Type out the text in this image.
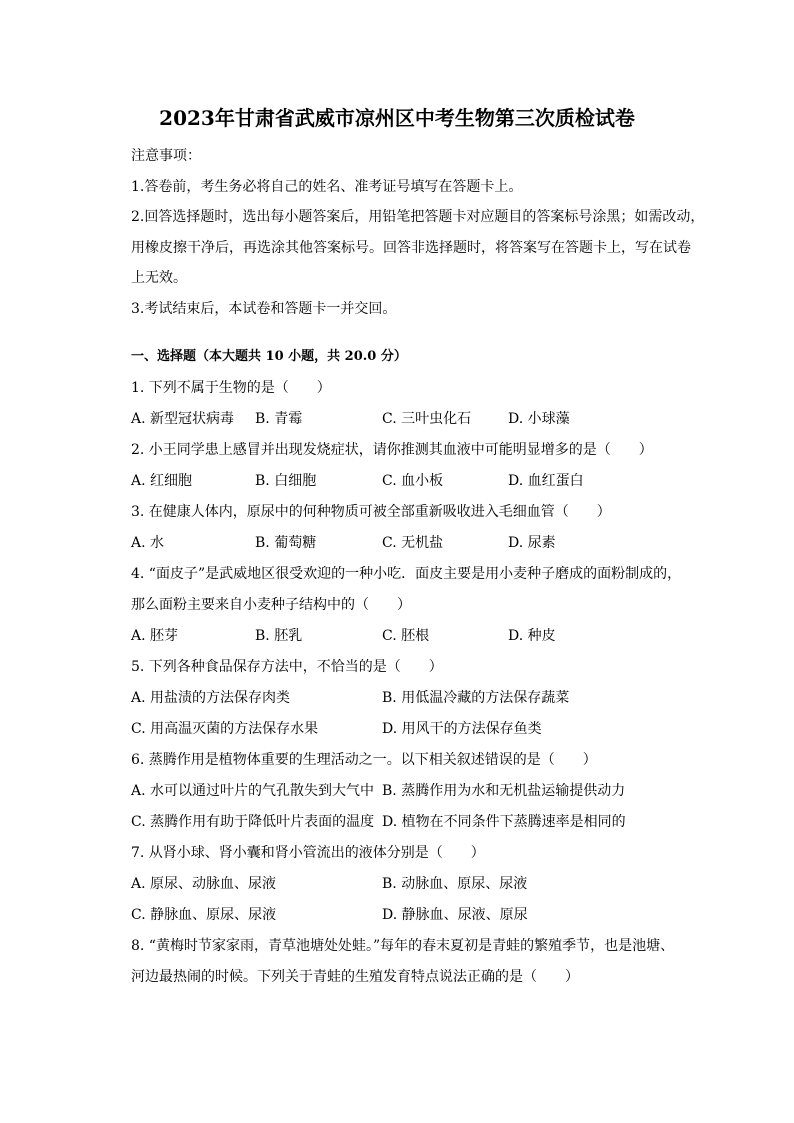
2023年甘肃省武威市凉州区中考生物第三次质检试卷
注意事项：
1.答卷前，考生务必将自己的姓名、准考证号填写在答题卡上。
2.回答选择题时，选出每小题答案后，用铅笔把答题卡对应题目的答案标号涂黑；如需改动，
用橡皮擦干净后，再选涂其他答案标号。回答非选择题时，将答案写在答题卡上，写在试卷
上无效。
3.考试结束后，本试卷和答题卡一并交回。
一、选择题（本大题共 10 小题，共 20.0 分）
1. 下列不属于生物的是（　　）
A. 新型冠状病毒 B. 青霉	C. 三叶虫化石	D. 小球藻
2. 小王同学患上感冒并出现发烧症状，请你推测其血液中可能明显增多的是（　　）
A. 红细胞	B. 白细胞	C. 血小板	D. 血红蛋白
3. 在健康人体内，原尿中的何种物质可被全部重新吸收进入毛细血管（　　）
A. 水	B. 葡萄糖	C. 无机盐	D. 尿素
4. “面皮子”是武威地区很受欢迎的一种小吃．面皮主要是用小麦种子磨成的面粉制成的，
那么面粉主要来自小麦种子结构中的（　　）
A. 胚芽	B. 胚乳	C. 胚根	D. 种皮
5. 下列各种食品保存方法中，不恰当的是（　　）
A. 用盐渍的方法保存肉类	B. 用低温冷藏的方法保存蔬菜
C. 用高温灭菌的方法保存水果	D. 用风干的方法保存鱼类
6. 蒸腾作用是植物体重要的生理活动之一。以下相关叙述错误的是（　　）
A. 水可以通过叶片的气孔散失到大气中 B. 蒸腾作用为水和无机盐运输提供动力
C. 蒸腾作用有助于降低叶片表面的温度 D. 植物在不同条件下蒸腾速率是相同的
7. 从肾小球、肾小囊和肾小管流出的液体分别是（　　）
A. 原尿、动脉血、尿液	B. 动脉血、原尿、尿液
C. 静脉血、原尿、尿液	D. 静脉血、尿液、原尿
8. “黄梅时节家家雨，青草池塘处处蛙。”每年的春末夏初是青蛙的繁殖季节，也是池塘、
河边最热闹的时候。下列关于青蛙的生殖发育特点说法正确的是（　　）
